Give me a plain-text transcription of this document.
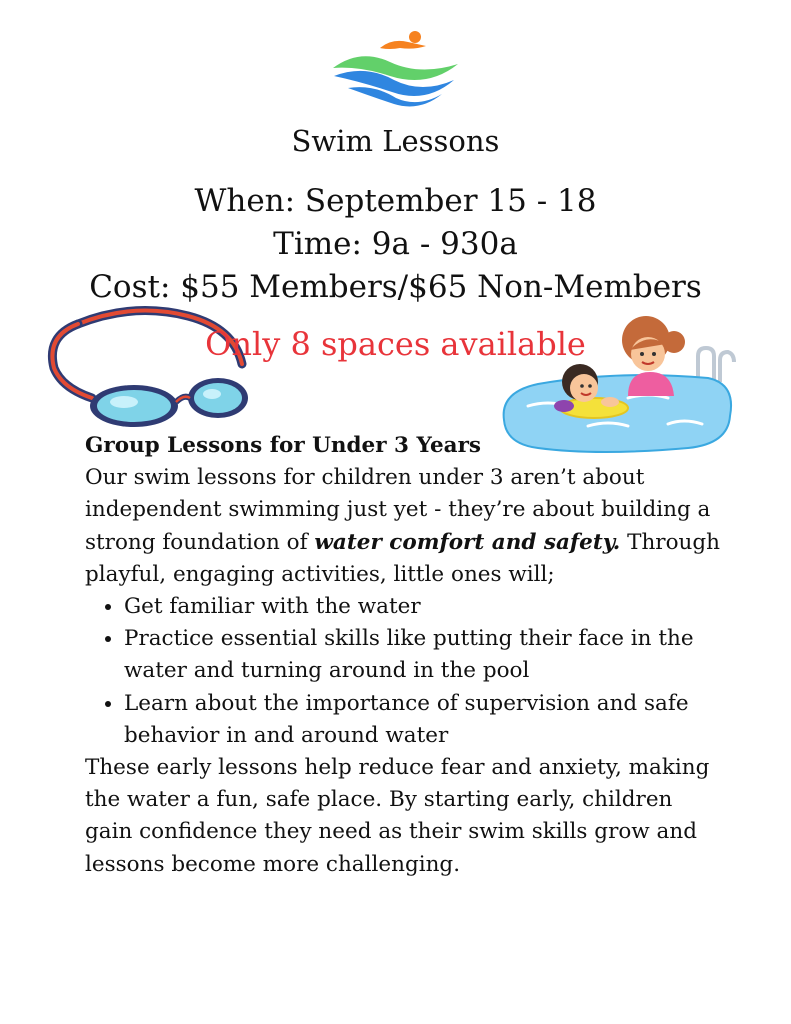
Swim Lessons
When: September 15 - 18
Time: 9a - 930a
Cost: $55 Members/$65 Non-Members
Only 8 spaces available

Group Lessons for Under 3 Years

Our swim lessons for children under 3 aren’t about independent swimming just yet - they’re about building a strong foundation of water comfort and safety. Through playful, engaging activities, little ones will;

• Get familiar with the water
• Practice essential skills like putting their face in the water and turning around in the pool
• Learn about the importance of supervision and safe behavior in and around water

These early lessons help reduce fear and anxiety, making the water a fun, safe place. By starting early, children gain confidence they need as their swim skills grow and lessons become more challenging.
